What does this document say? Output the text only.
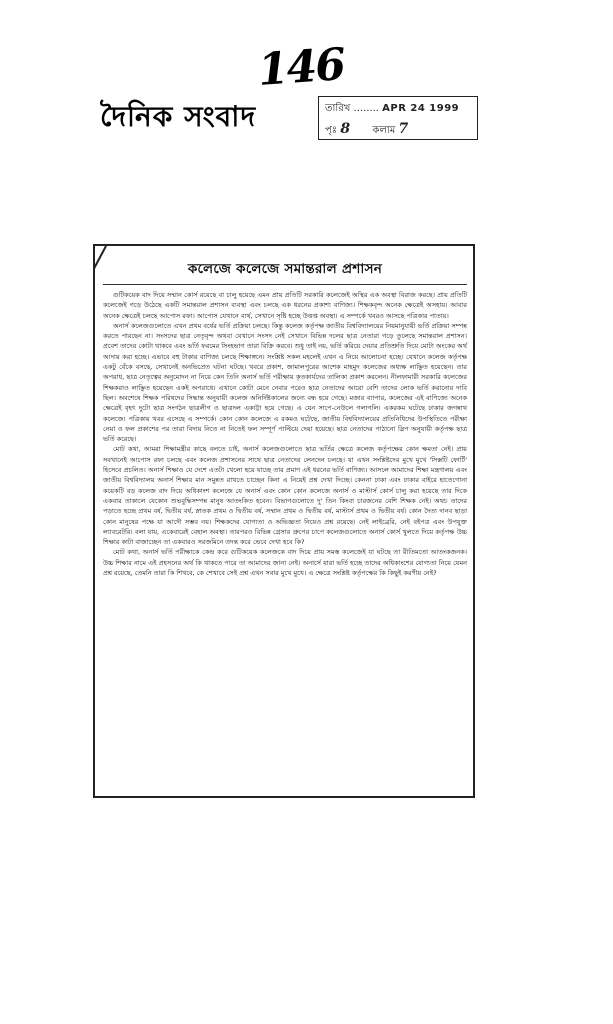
146
দৈনিক সংবাদ	তারিখ ........ APR 24 1999
পৃঃ 8 কলাম 7
কলেজে কলেজে সমান্তরাল প্রশাসন

গুটিকয়েক বাদ দিয়ে সম্মান কোর্স রয়েছে বা চালু হয়েছে এমন প্রায় প্রতিটি সরকারি কলেজেই অস্থির এক অবস্থা বিরাজ করছে। প্রায় প্রতিটি কলেজেই গড়ে উঠেছে একটি সমান্তরাল প্রশাসন ব্যবস্থা এবং চলছে এক ধরনের প্রকাশ্য বাণিজ্য। শিক্ষকবৃন্দ অনেক ক্ষেত্রেই অসহায়। আবার অনেক ক্ষেত্রেই চলছে আপোস রফা। আপোস যেখানে ব্যর্থ, সেখানে সৃষ্টি হচ্ছে উত্তপ্ত অবস্থা। এ সম্পর্কে খবরও আসছে পত্রিকার পাতায়।

অনার্স কলেজগুলোতে এখন প্রথম বর্ষের ভর্তি প্রক্রিয়া চলছে। কিন্তু কলেজ কর্তৃপক্ষ জাতীয় বিশ্ববিদ্যালয়ের নিয়মানুযায়ী ভর্তি প্রক্রিয়া সম্পন্ন করতে পারছেন না। সংসদের ছাত্র নেতৃবৃন্দ অথবা যেখানে সংসদ নেই সেখানে বিভিন্ন দলের ছাত্র নেতারা গড়ে তুলেছে সমান্তরাল প্রশাসন। প্রবেশ তাদের কোটা থাকবে এবং ভর্তি ফরমের সিংহভাগ তারা বিক্রি করবে। শুধু তাই নয়, ভর্তি করিয়ে দেয়ার প্রতিশ্রুতি দিয়ে মোটা অংকের অর্থ আদায় করা হচ্ছে। এভাবে বহু টাকার বাণিজ্য চলছে শিক্ষাঙ্গনে। সংশ্লিষ্ট সকল মহলেই এখন এ নিয়ে আলোচনা হচ্ছে। যেখানে কলেজ কর্তৃপক্ষ একটু বেঁকে বসছে, সেখানেই অনভিপ্রেত ঘটনা ঘটছে। খবরে প্রকাশ, জামালপুরের আশেক মাহমুদ কলেজের অধ্যক্ষ লাঞ্ছিত হয়েছেন। তার অপরাধ, ছাত্র নেতৃত্বের অনুমোদন না নিয়ে কেন তিনি অনার্স ভর্তি পরীক্ষায় কৃতকার্যদের তালিকা প্রকাশ করলেন। নীলফামারী সরকারি কলেজের শিক্ষকরাও লাঞ্ছিত হয়েছেন একই অপরাধে। এখানে কোটা মেনে নেবার পরেও ছাত্র নেতাদের আরো বেশি তাদের লোক ভর্তি করানোর দাবি ছিল। অবশেষে শিক্ষক পরিষদের সিদ্ধান্ত অনুযায়ী কলেজ অনির্দিষ্টকালের জন্যে বন্ধ হয়ে গেছে। মজার ব্যাপার, কলেজের এই বাণিজ্যে অনেক ক্ষেত্রেই বৃহৎ দুটো ছাত্র সংগঠন ছাত্রলীগ ও ছাত্রদল একাট্টা হয়ে গেছে। এ যেন সাপে-নেউলে গলাগলি। একরকম ঘটেছে ঢাকার জগন্নাথ কলেজে। পত্রিকায় খবর এসেছে এ সম্পর্কে। কোন কোন কলেজে এ রকমও ঘটেছে, জাতীয় বিশ্ববিদ্যালয়ের প্রতিনিধিদের উপস্থিতিতে পরীক্ষা নেয়া ও ফল প্রকাশের পর তারা বিদায় নিতে না নিতেই ফল সম্পূর্ণ পাল্টিয়ে দেয়া হয়েছে। ছাত্র নেতাদের পাঠানো স্লিপ অনুযায়ী কর্তৃপক্ষ ছাত্র ভর্তি করেছে।

মোট কথা, আমরা শিক্ষামন্ত্রীর কাছে বলতে চাই, অনার্স কলেজগুলোতে ছাত্র ভর্তির ক্ষেত্রে কলেজ কর্তৃপক্ষের কোন ক্ষমতা নেই। প্রায় সবখানেই আপোস রফা চলছে এবং কলেজ প্রশাসনের সাথে ছাত্র নেতাদের লেনদেন চলছে। যা এখন সংশ্লিষ্টদের মুখে মুখে 'সিক্সটি ফোর্টি' হিসেবে প্রচলিত। অনার্স শিক্ষাও যে দেশে এতটা খেলো হয়ে যাচ্ছে তার প্রমাণ এই ধরনের ভর্তি বাণিজ্য। আসলে আমাদের শিক্ষা মন্ত্রণালয় এবং জাতীয় বিশ্ববিদ্যালয় অনার্স শিক্ষার মান সমুন্নত রাখতে চাচ্ছেন কিনা এ নিয়েই প্রশ্ন দেখা দিচ্ছে। কেননা ঢাকা এবং ঢাকার বাইরে হাতেগোনা কয়েকটি বড় কলেজ বাদ দিয়ে অধিকাংশ কলেজে যে অনার্স এবং কোন কোন কলেজে অনার্স ও মাস্টার্স কোর্স চালু করা হয়েছে তার দিকে একবার তাকালে যেকোন শুভবুদ্ধিসম্পন্ন মানুষ আতংকিত হবেন। বিভাগগুলোতে দু' তিন কিংবা চারজনের বেশি শিক্ষক নেই। অথচ তাদের পড়াতে হচ্ছে প্রথম বর্ষ, দ্বিতীয় বর্ষ, স্নাতক প্রথম ও দ্বিতীয় বর্ষ, সম্মান প্রথম ও দ্বিতীয় বর্ষ, মাস্টার্স প্রথম ও দ্বিতীয় বর্ষ। কোন দৈত্য দানব ছাড়া কোন মানুষের পক্ষে যা আদৌ সম্ভব নয়। শিক্ষকদের যোগ্যতা ও অভিজ্ঞতা নিয়েও প্রশ্ন রয়েছে। নেই লাইব্রেরি, নেই বইপত্র এবং উপযুক্ত ল্যাবরেটরি। বলা যায়, একেবারেই বেহাল অবস্থা। তারপরও বিভিন্ন গ্রেসার গ্রুপের চাপে কলেজগুলোতে অনার্স কোর্স খুলতে দিয়ে কর্তৃপক্ষ উচ্চ শিক্ষার কাটা বাজাচ্ছেন তা একবারও সরজমিনে তদন্ত করে ভেবে দেখা হবে কি?

মোট কথা, অনার্স ভর্তি পরীক্ষাকে কেন্দ্র করে গুটিকয়েক কলেজকে বাদ দিয়ে প্রায় সমস্ত কলেজেই যা ঘটছে তা রীতিমতো আতংকজনক। উচ্চ শিক্ষার নামে এই প্রহসনের অর্থ কি থাকতে পারে তা আমাদের জানা নেই। অনার্সে যারা ভর্তি হচ্ছে তাদের অধিকাংশের যোগ্যতা নিয়ে যেমন প্রশ্ন রয়েছে, তেমনি তারা কি শিখবে, কে শেখাবে সেই প্রশ্ন এখন সবার মুখে মুখে। এ ক্ষেত্রে সংশ্লিষ্ট কর্তৃপক্ষের কি কিছুই করণীয় নেই?
